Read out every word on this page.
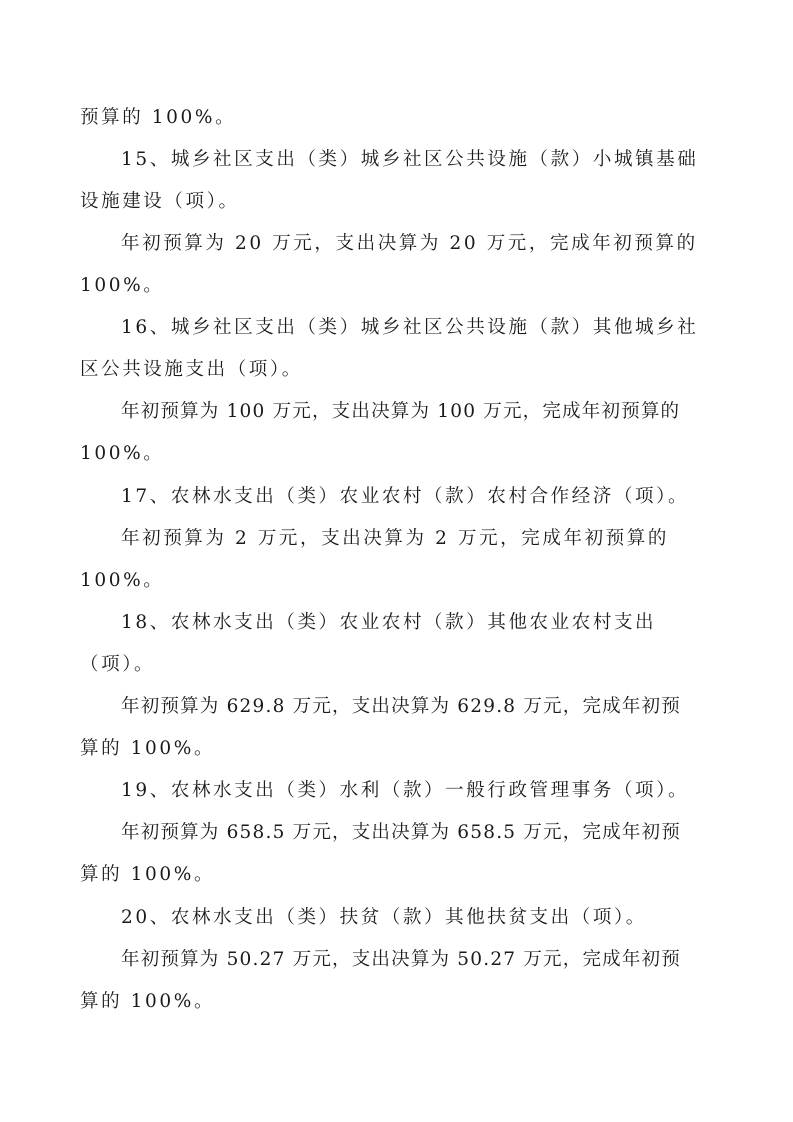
预算的 100%。
15、城乡社区支出（类）城乡社区公共设施（款）小城镇基础
设施建设（项）。
年初预算为 20 万元，支出决算为 20 万元，完成年初预算的
100%。
16、城乡社区支出（类）城乡社区公共设施（款）其他城乡社
区公共设施支出（项）。
年初预算为 100 万元，支出决算为 100 万元，完成年初预算的
100%。
17、农林水支出（类）农业农村（款）农村合作经济（项）。
年初预算为 2 万元，支出决算为 2 万元，完成年初预算的
100%。
18、农林水支出（类）农业农村（款）其他农业农村支出
（项）。
年初预算为 629.8 万元，支出决算为 629.8 万元，完成年初预
算的 100%。
19、农林水支出（类）水利（款）一般行政管理事务（项）。
年初预算为 658.5 万元，支出决算为 658.5 万元，完成年初预
算的 100%。
20、农林水支出（类）扶贫（款）其他扶贫支出（项）。
年初预算为 50.27 万元，支出决算为 50.27 万元，完成年初预
算的 100%。
